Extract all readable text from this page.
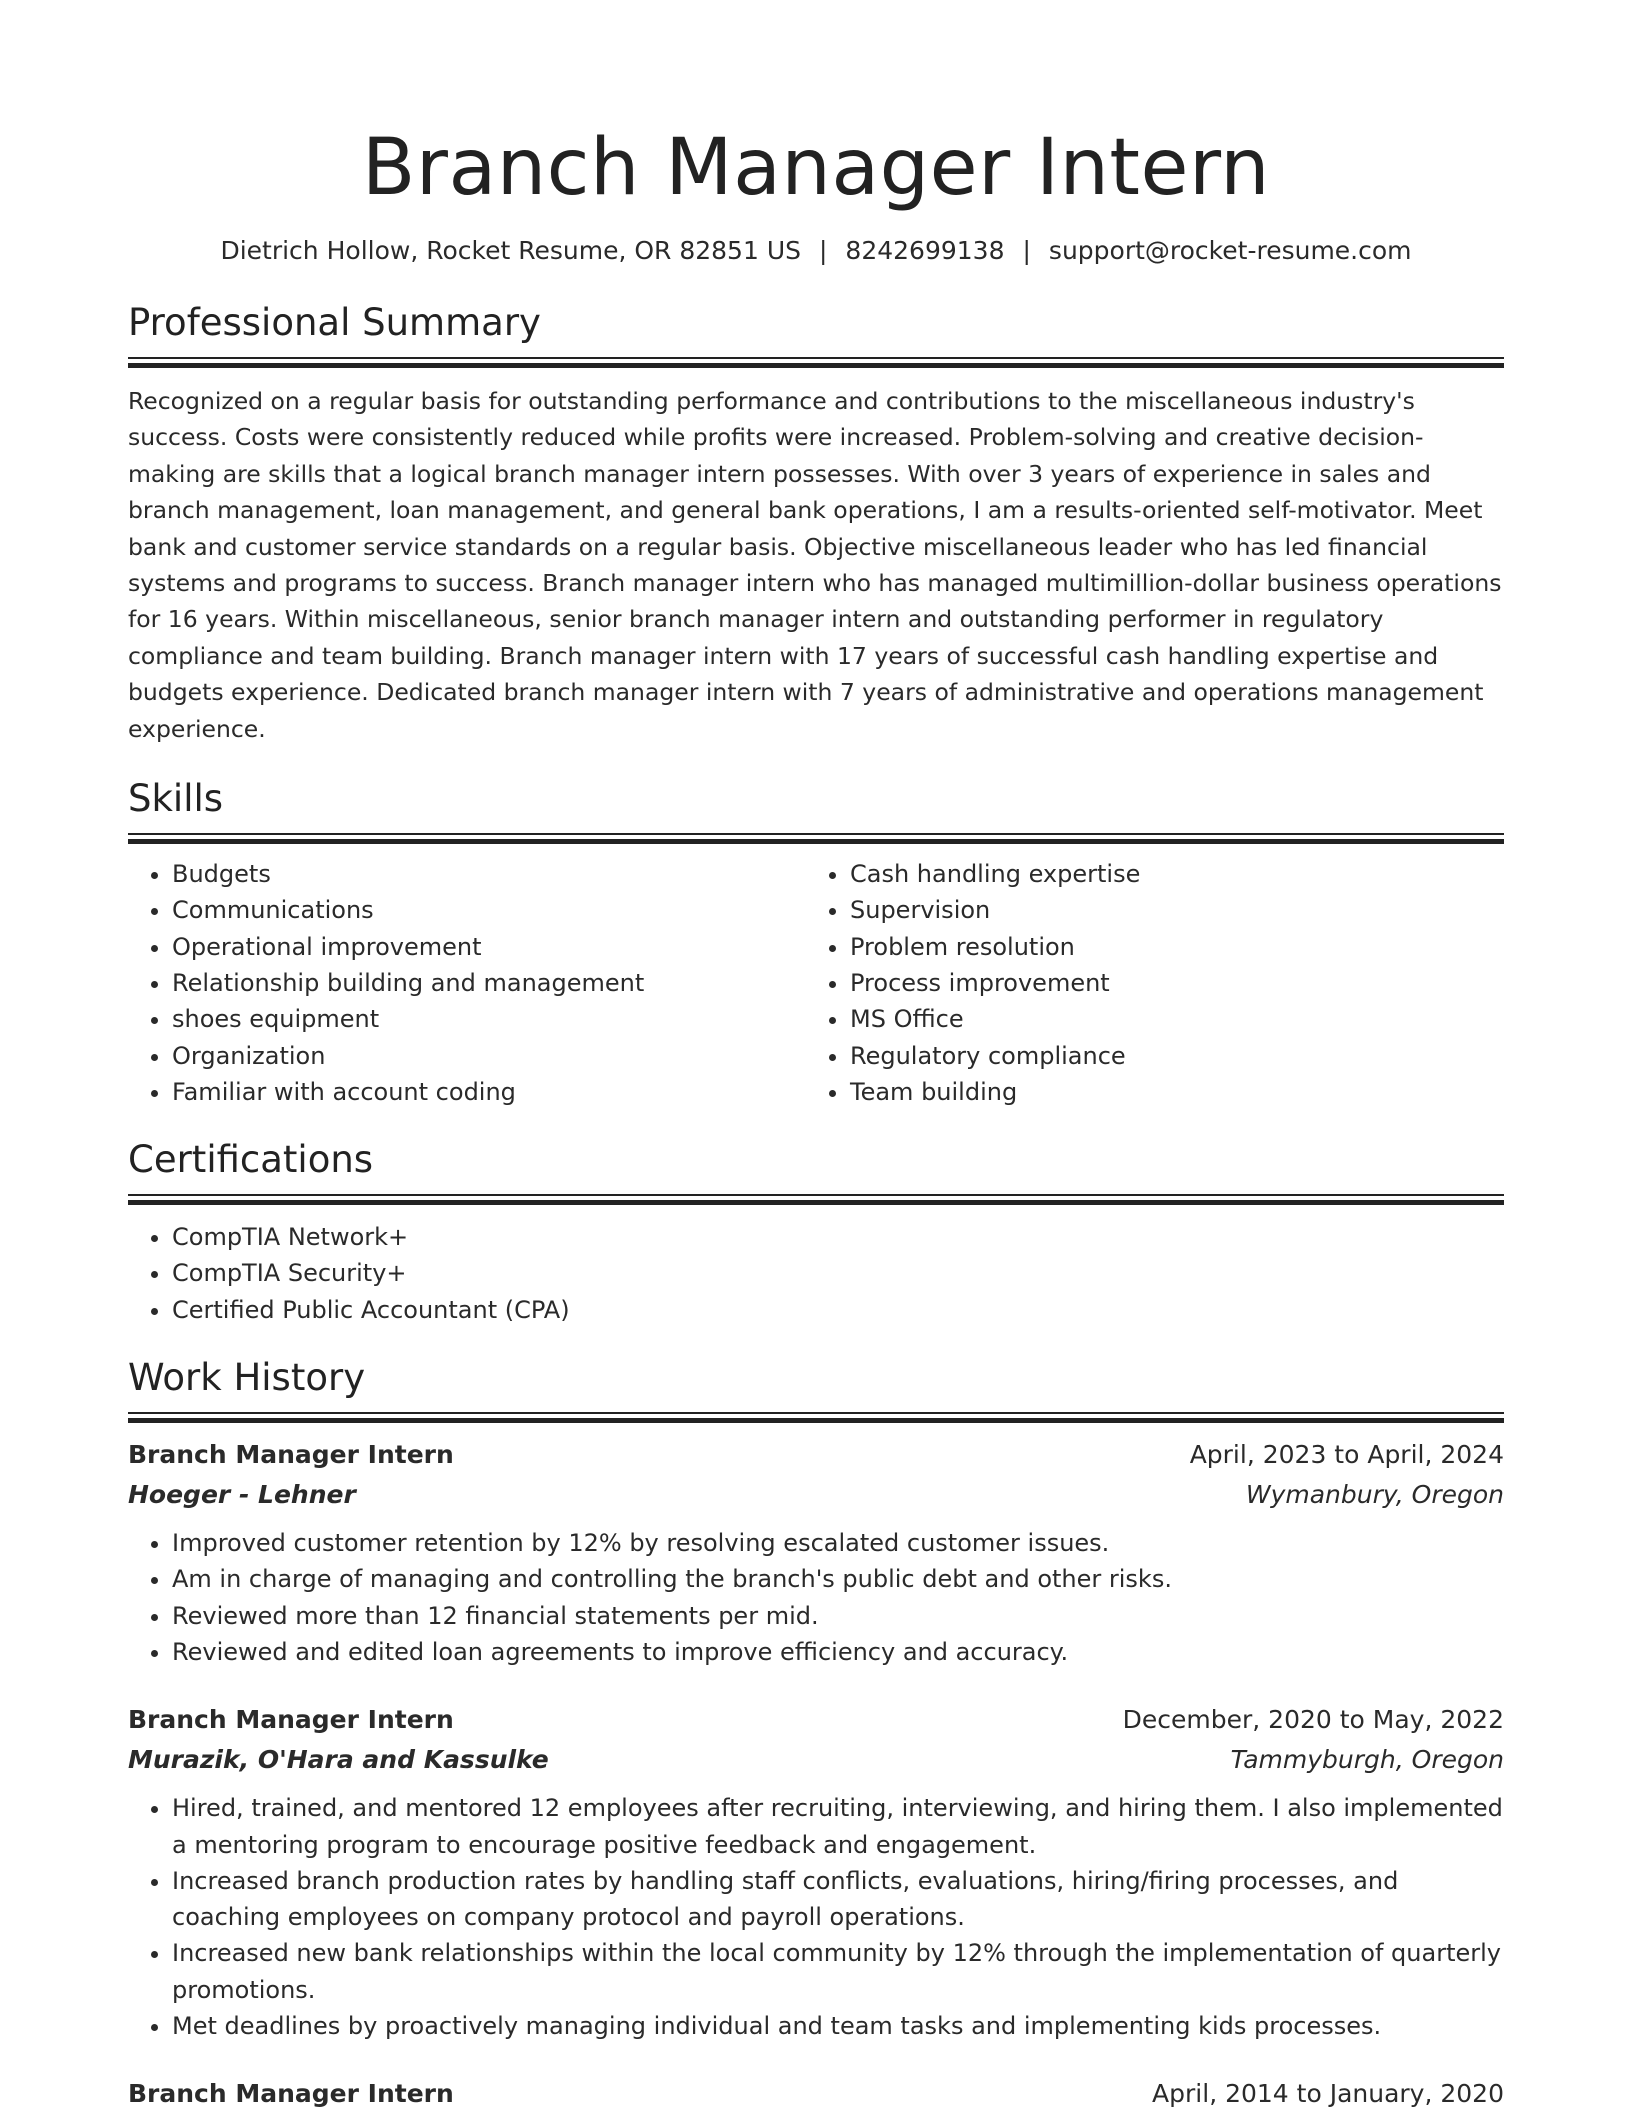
Branch Manager Intern
Dietrich Hollow, Rocket Resume, OR 82851 US | 8242699138 | support@rocket-resume.com
Professional Summary

Recognized on a regular basis for outstanding performance and contributions to the miscellaneous industry's success. Costs were consistently reduced while profits were increased. Problem-solving and creative decision-making are skills that a logical branch manager intern possesses. With over 3 years of experience in sales and branch management, loan management, and general bank operations, I am a results-oriented self-motivator. Meet bank and customer service standards on a regular basis. Objective miscellaneous leader who has led financial systems and programs to success. Branch manager intern who has managed multimillion-dollar business operations for 16 years. Within miscellaneous, senior branch manager intern and outstanding performer in regulatory compliance and team building. Branch manager intern with 17 years of successful cash handling expertise and budgets experience. Dedicated branch manager intern with 7 years of administrative and operations management experience.

Skills
• Budgets
• Communications
• Operational improvement
• Relationship building and management
• shoes equipment
• Organization
• Familiar with account coding
• Cash handling expertise
• Supervision
• Problem resolution
• Process improvement
• MS Office
• Regulatory compliance
• Team building
Certifications
• CompTIA Network+
• CompTIA Security+
• Certified Public Accountant (CPA)
Work History
Branch Manager Intern	April, 2023 to April, 2024
Hoeger - Lehner	Wymanbury, Oregon
• Improved customer retention by 12% by resolving escalated customer issues.
• Am in charge of managing and controlling the branch's public debt and other risks.
• Reviewed more than 12 financial statements per mid.
• Reviewed and edited loan agreements to improve efficiency and accuracy.
Branch Manager Intern	December, 2020 to May, 2022
Murazik, O'Hara and Kassulke	Tammyburgh, Oregon
• Hired, trained, and mentored 12 employees after recruiting, interviewing, and hiring them. I also implemented a mentoring program to encourage positive feedback and engagement.
• Increased branch production rates by handling staff conflicts, evaluations, hiring/firing processes, and coaching employees on company protocol and payroll operations.
• Increased new bank relationships within the local community by 12% through the implementation of quarterly promotions.
• Met deadlines by proactively managing individual and team tasks and implementing kids processes.
Branch Manager Intern	April, 2014 to January, 2020
